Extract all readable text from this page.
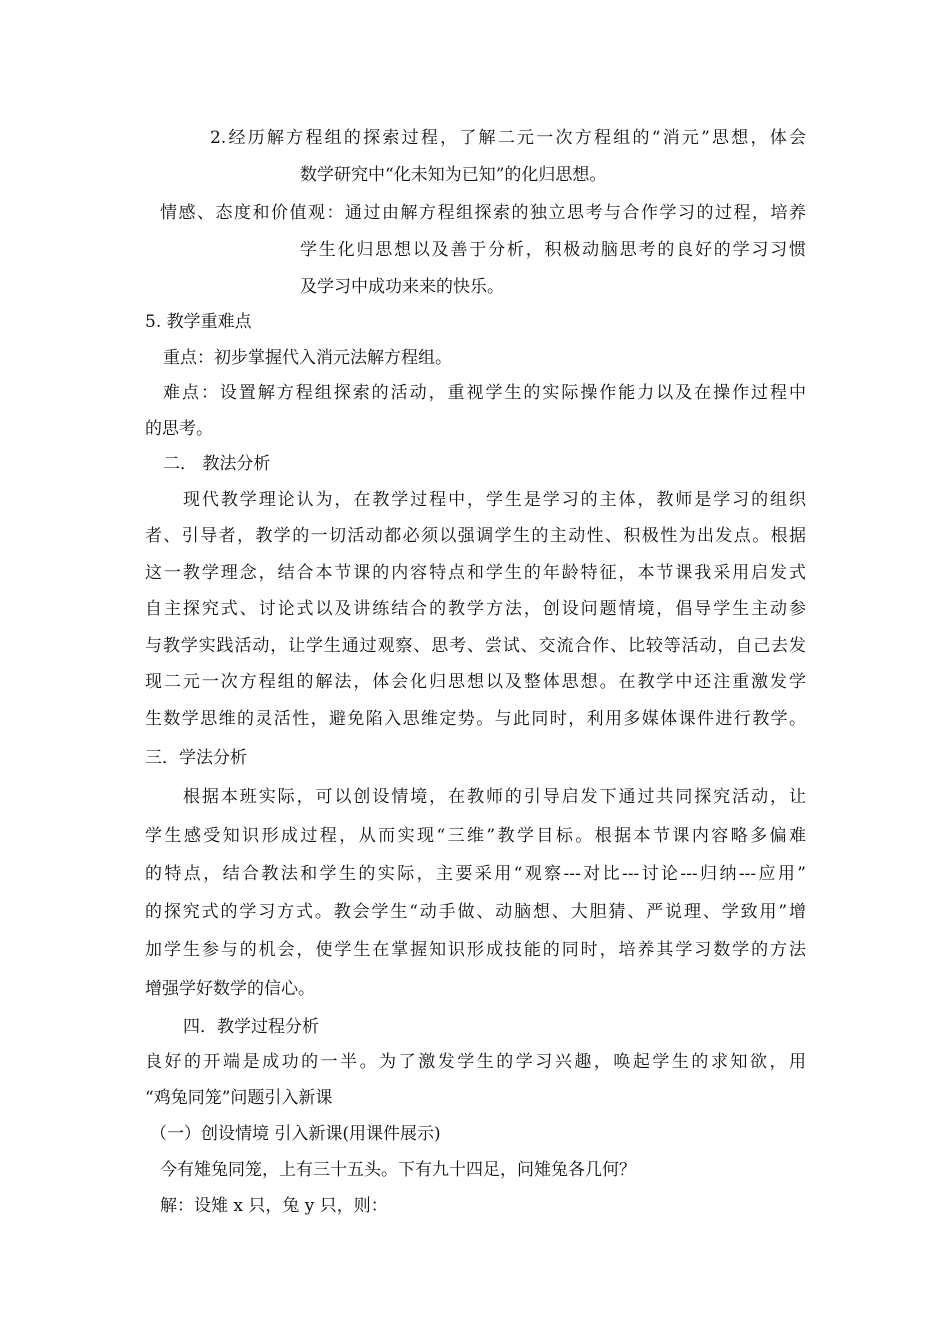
2.经历解方程组的探索过程，了解二元一次方程组的“消元”思想，体会
数学研究中“化未知为已知”的化归思想。
情感、态度和价值观：通过由解方程组探索的独立思考与合作学习的过程，培养
学生化归思想以及善于分析，积极动脑思考的良好的学习习惯
及学习中成功来来的快乐。
5. 教学重难点
重点：初步掌握代入消元法解方程组。
难点：设置解方程组探索的活动，重视学生的实际操作能力以及在操作过程中
的思考。
二． 教法分析
现代教学理论认为，在教学过程中，学生是学习的主体，教师是学习的组织
者、引导者，教学的一切活动都必须以强调学生的主动性、积极性为出发点。根据
这一教学理念，结合本节课的内容特点和学生的年龄特征，本节课我采用启发式
自主探究式、讨论式以及讲练结合的教学方法，创设问题情境，倡导学生主动参
与教学实践活动，让学生通过观察、思考、尝试、交流合作、比较等活动，自己去发
现二元一次方程组的解法，体会化归思想以及整体思想。在教学中还注重激发学
生数学思维的灵活性，避免陷入思维定势。与此同时，利用多媒体课件进行教学。
三．学法分析
根据本班实际，可以创设情境，在教师的引导启发下通过共同探究活动，让
学生感受知识形成过程，从而实现“三维”教学目标。根据本节课内容略多偏难
的特点，结合教法和学生的实际，主要采用“观察---对比---讨论---归纳---应用”
的探究式的学习方式。教会学生“动手做、动脑想、大胆猜、严说理、学致用”增
加学生参与的机会，使学生在掌握知识形成技能的同时，培养其学习数学的方法
增强学好数学的信心。
四．教学过程分析
良好的开端是成功的一半。为了激发学生的学习兴趣，唤起学生的求知欲，用
“鸡兔同笼”问题引入新课
（一）创设情境 引入新课(用课件展示)
今有雉兔同笼，上有三十五头。下有九十四足，问雉兔各几何？
解：设雉 x 只，兔 y 只，则：
